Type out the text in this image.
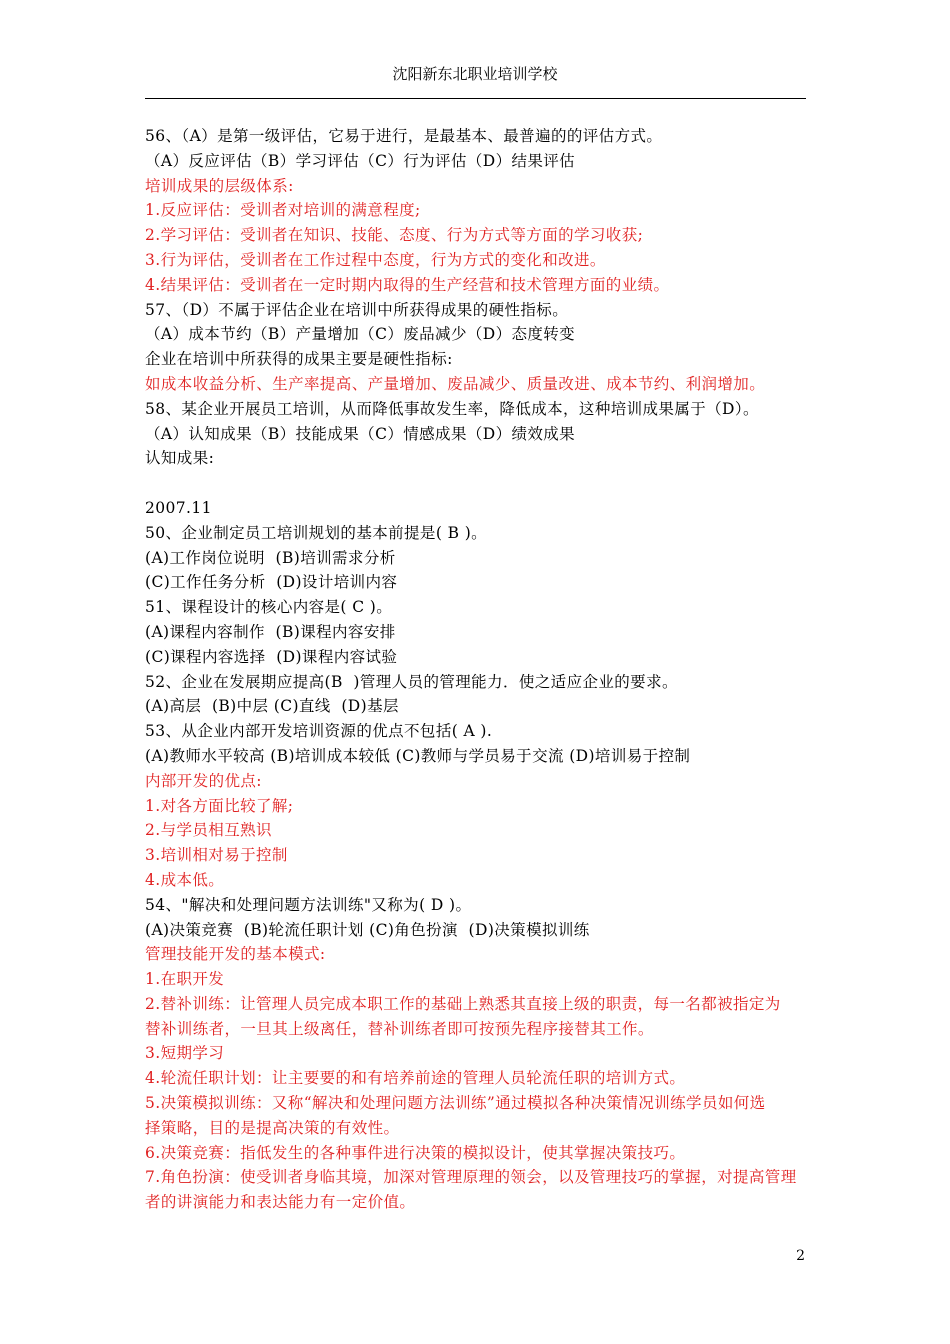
沈阳新东北职业培训学校
56、（A）是第一级评估，它易于进行，是最基本、最普遍的的评估方式。
（A）反应评估（B）学习评估（C）行为评估（D）结果评估
培训成果的层级体系:
1.反应评估：受训者对培训的满意程度;
2.学习评估：受训者在知识、技能、态度、行为方式等方面的学习收获;
3.行为评估，受训者在工作过程中态度，行为方式的变化和改进。
4.结果评估：受训者在一定时期内取得的生产经营和技术管理方面的业绩。
57、（D）不属于评估企业在培训中所获得成果的硬性指标。
（A）成本节约（B）产量增加（C）废品减少（D）态度转变
企业在培训中所获得的成果主要是硬性指标:
如成本收益分析、生产率提高、产量增加、废品减少、质量改进、成本节约、利润增加。
58、某企业开展员工培训，从而降低事故发生率，降低成本，这种培训成果属于（D）。
（A）认知成果（B）技能成果（C）情感成果（D）绩效成果
认知成果:
2007.11
50、企业制定员工培训规划的基本前提是( B )。
(A)工作岗位说明  (B)培训需求分析
(C)工作任务分析  (D)设计培训内容
51、课程设计的核心内容是( C )。
(A)课程内容制作  (B)课程内容安排
(C)课程内容选择  (D)课程内容试验
52、企业在发展期应提高(B  )管理人员的管理能力．使之适应企业的要求。
(A)高层  (B)中层 (C)直线  (D)基层
53、从企业内部开发培训资源的优点不包括( A ).
(A)教师水平较高 (B)培训成本较低 (C)教师与学员易于交流 (D)培训易于控制
内部开发的优点:
1.对各方面比较了解;
2.与学员相互熟识
3.培训相对易于控制
4.成本低。
54、"解决和处理问题方法训练"又称为( D )。
(A)决策竞赛  (B)轮流任职计划 (C)角色扮演  (D)决策模拟训练
管理技能开发的基本模式:
1.在职开发
2.替补训练：让管理人员完成本职工作的基础上熟悉其直接上级的职责，每一名都被指定为
替补训练者，一旦其上级离任，替补训练者即可按预先程序接替其工作。
3.短期学习
4.轮流任职计划：让主要要的和有培养前途的管理人员轮流任职的培训方式。
5.决策模拟训练：又称“解决和处理问题方法训练”通过模拟各种决策情况训练学员如何选
择策略，目的是提高决策的有效性。
6.决策竞赛：指低发生的各种事件进行决策的模拟设计，使其掌握决策技巧。
7.角色扮演：使受训者身临其境，加深对管理原理的领会，以及管理技巧的掌握，对提高管理
者的讲演能力和表达能力有一定价值。
2
